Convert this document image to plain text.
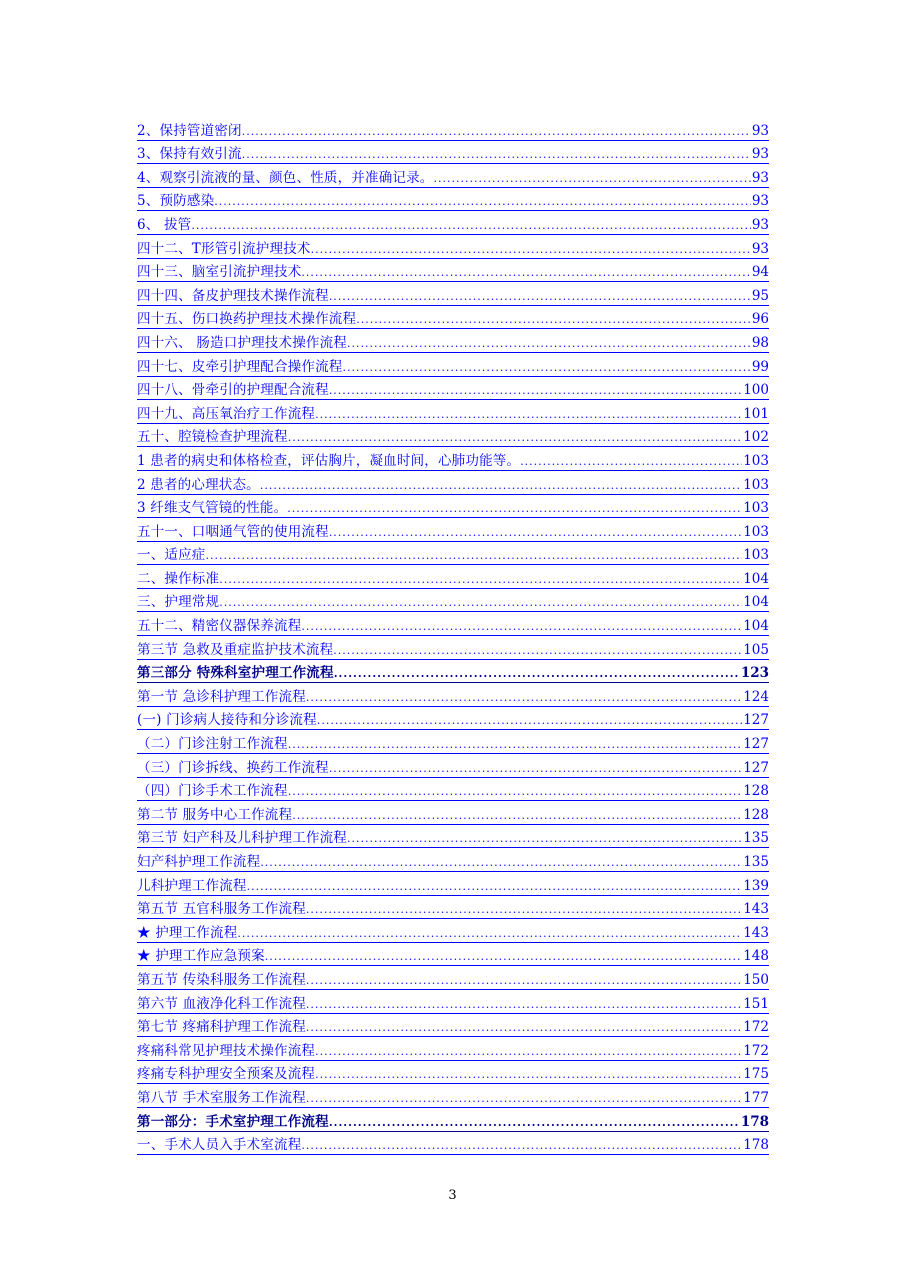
2、保持管道密闭 .....	93
3、保持有效引流 .....	93
4、观察引流液的量、颜色、性质，并准确记录。 .....	93
5、预防感染 .....	93
6、 拔管 .....	93
四十二、T形管引流护理技术 .....	93
四十三、脑室引流护理技术 .....	94
四十四、备皮护理技术操作流程 .....	95
四十五、伤口换药护理技术操作流程 .....	96
四十六、 肠造口护理技术操作流程 .....	98
四十七、皮牵引护理配合操作流程 .....	99
四十八、骨牵引的护理配合流程 .....	100
四十九、高压氧治疗工作流程 .....	101
五十、腔镜检查护理流程 .....	102
1 患者的病史和体格检查，评估胸片，凝血时间，心肺功能等。 .....	103
2 患者的心理状态。 .....	103
3 纤维支气管镜的性能。 .....	103
五十一、口咽通气管的使用流程 .....	103
一、适应症 .....	103
二、操作标准 .....	104
三、护理常规 .....	104
五十二、精密仪器保养流程 .....	104
第三节 急救及重症监护技术流程 .....	105
第三部分 特殊科室护理工作流程 .....	123
第一节 急诊科护理工作流程 .....	124
(一) 门诊病人接待和分诊流程 .....	127
（二）门诊注射工作流程 .....	127
（三）门诊拆线、换药工作流程 .....	127
（四）门诊手术工作流程 .....	128
第二节 服务中心工作流程 .....	128
第三节 妇产科及儿科护理工作流程 .....	135
妇产科护理工作流程 .....	135
儿科护理工作流程 .....	139
第五节 五官科服务工作流程 .....	143
★ 护理工作流程 .....	143
★ 护理工作应急预案 .....	148
第五节 传染科服务工作流程 .....	150
第六节 血液净化科工作流程 .....	151
第七节 疼痛科护理工作流程 .....	172
疼痛科常见护理技术操作流程 .....	172
疼痛专科护理安全预案及流程 .....	175
第八节 手术室服务工作流程 .....	177
第一部分：手术室护理工作流程 .....	178
一、手术人员入手术室流程 .....	178
3
